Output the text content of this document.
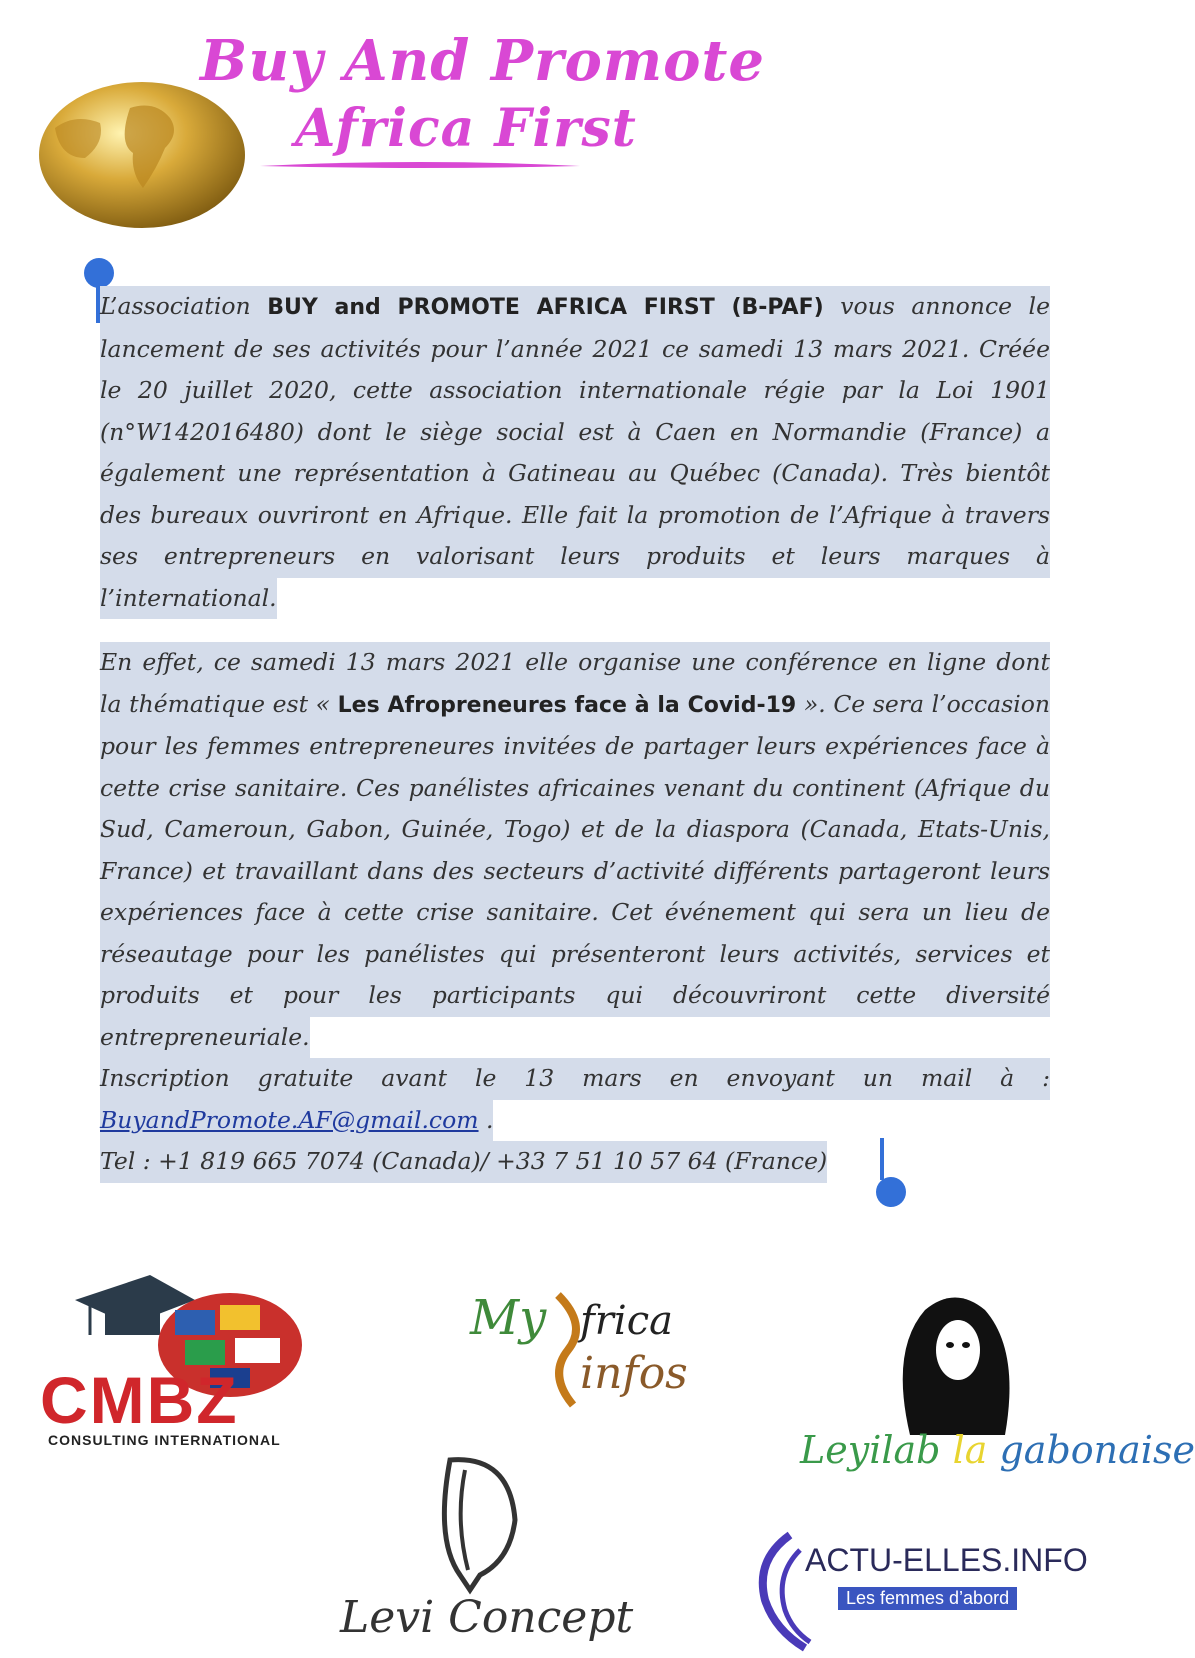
Buy And Promote
Africa First
L’association BUY and PROMOTE AFRICA FIRST (B-PAF) vous annonce le
lancement de ses activités pour l’année 2021 ce samedi 13 mars 2021. Créée
le 20 juillet 2020, cette association internationale régie par la Loi 1901
(n°W142016480) dont le siège social est à Caen en Normandie (France) a
également une représentation à Gatineau au Québec (Canada). Très bientôt
des bureaux ouvriront en Afrique. Elle fait la promotion de l’Afrique à travers
ses entrepreneurs en valorisant leurs produits et leurs marques à
l’international.
En effet, ce samedi 13 mars 2021 elle organise une conférence en ligne dont
la thématique est « Les Afropreneures face à la Covid-19 ». Ce sera l’occasion
pour les femmes entrepreneures invitées de partager leurs expériences face à
cette crise sanitaire. Ces panélistes africaines venant du continent (Afrique du
Sud, Cameroun, Gabon, Guinée, Togo) et de la diaspora (Canada, Etats-Unis,
France) et travaillant dans des secteurs d’activité différents partageront leurs
expériences face à cette crise sanitaire. Cet événement qui sera un lieu de
réseautage pour les panélistes qui présenteront leurs activités, services et
produits et pour les participants qui découvriront cette diversité
entrepreneuriale.
Inscription gratuite avant le 13 mars en envoyant un mail à :
BuyandPromote.AF@gmail.com .
Tel : +1 819 665 7074 (Canada)/ +33 7 51 10 57 64 (France)
CMBZ
CONSULTING INTERNATIONAL
My frica
infos
Leyilab la gabonaise
Levi Concept
ACTU-ELLES.INFO
Les femmes d’abord
